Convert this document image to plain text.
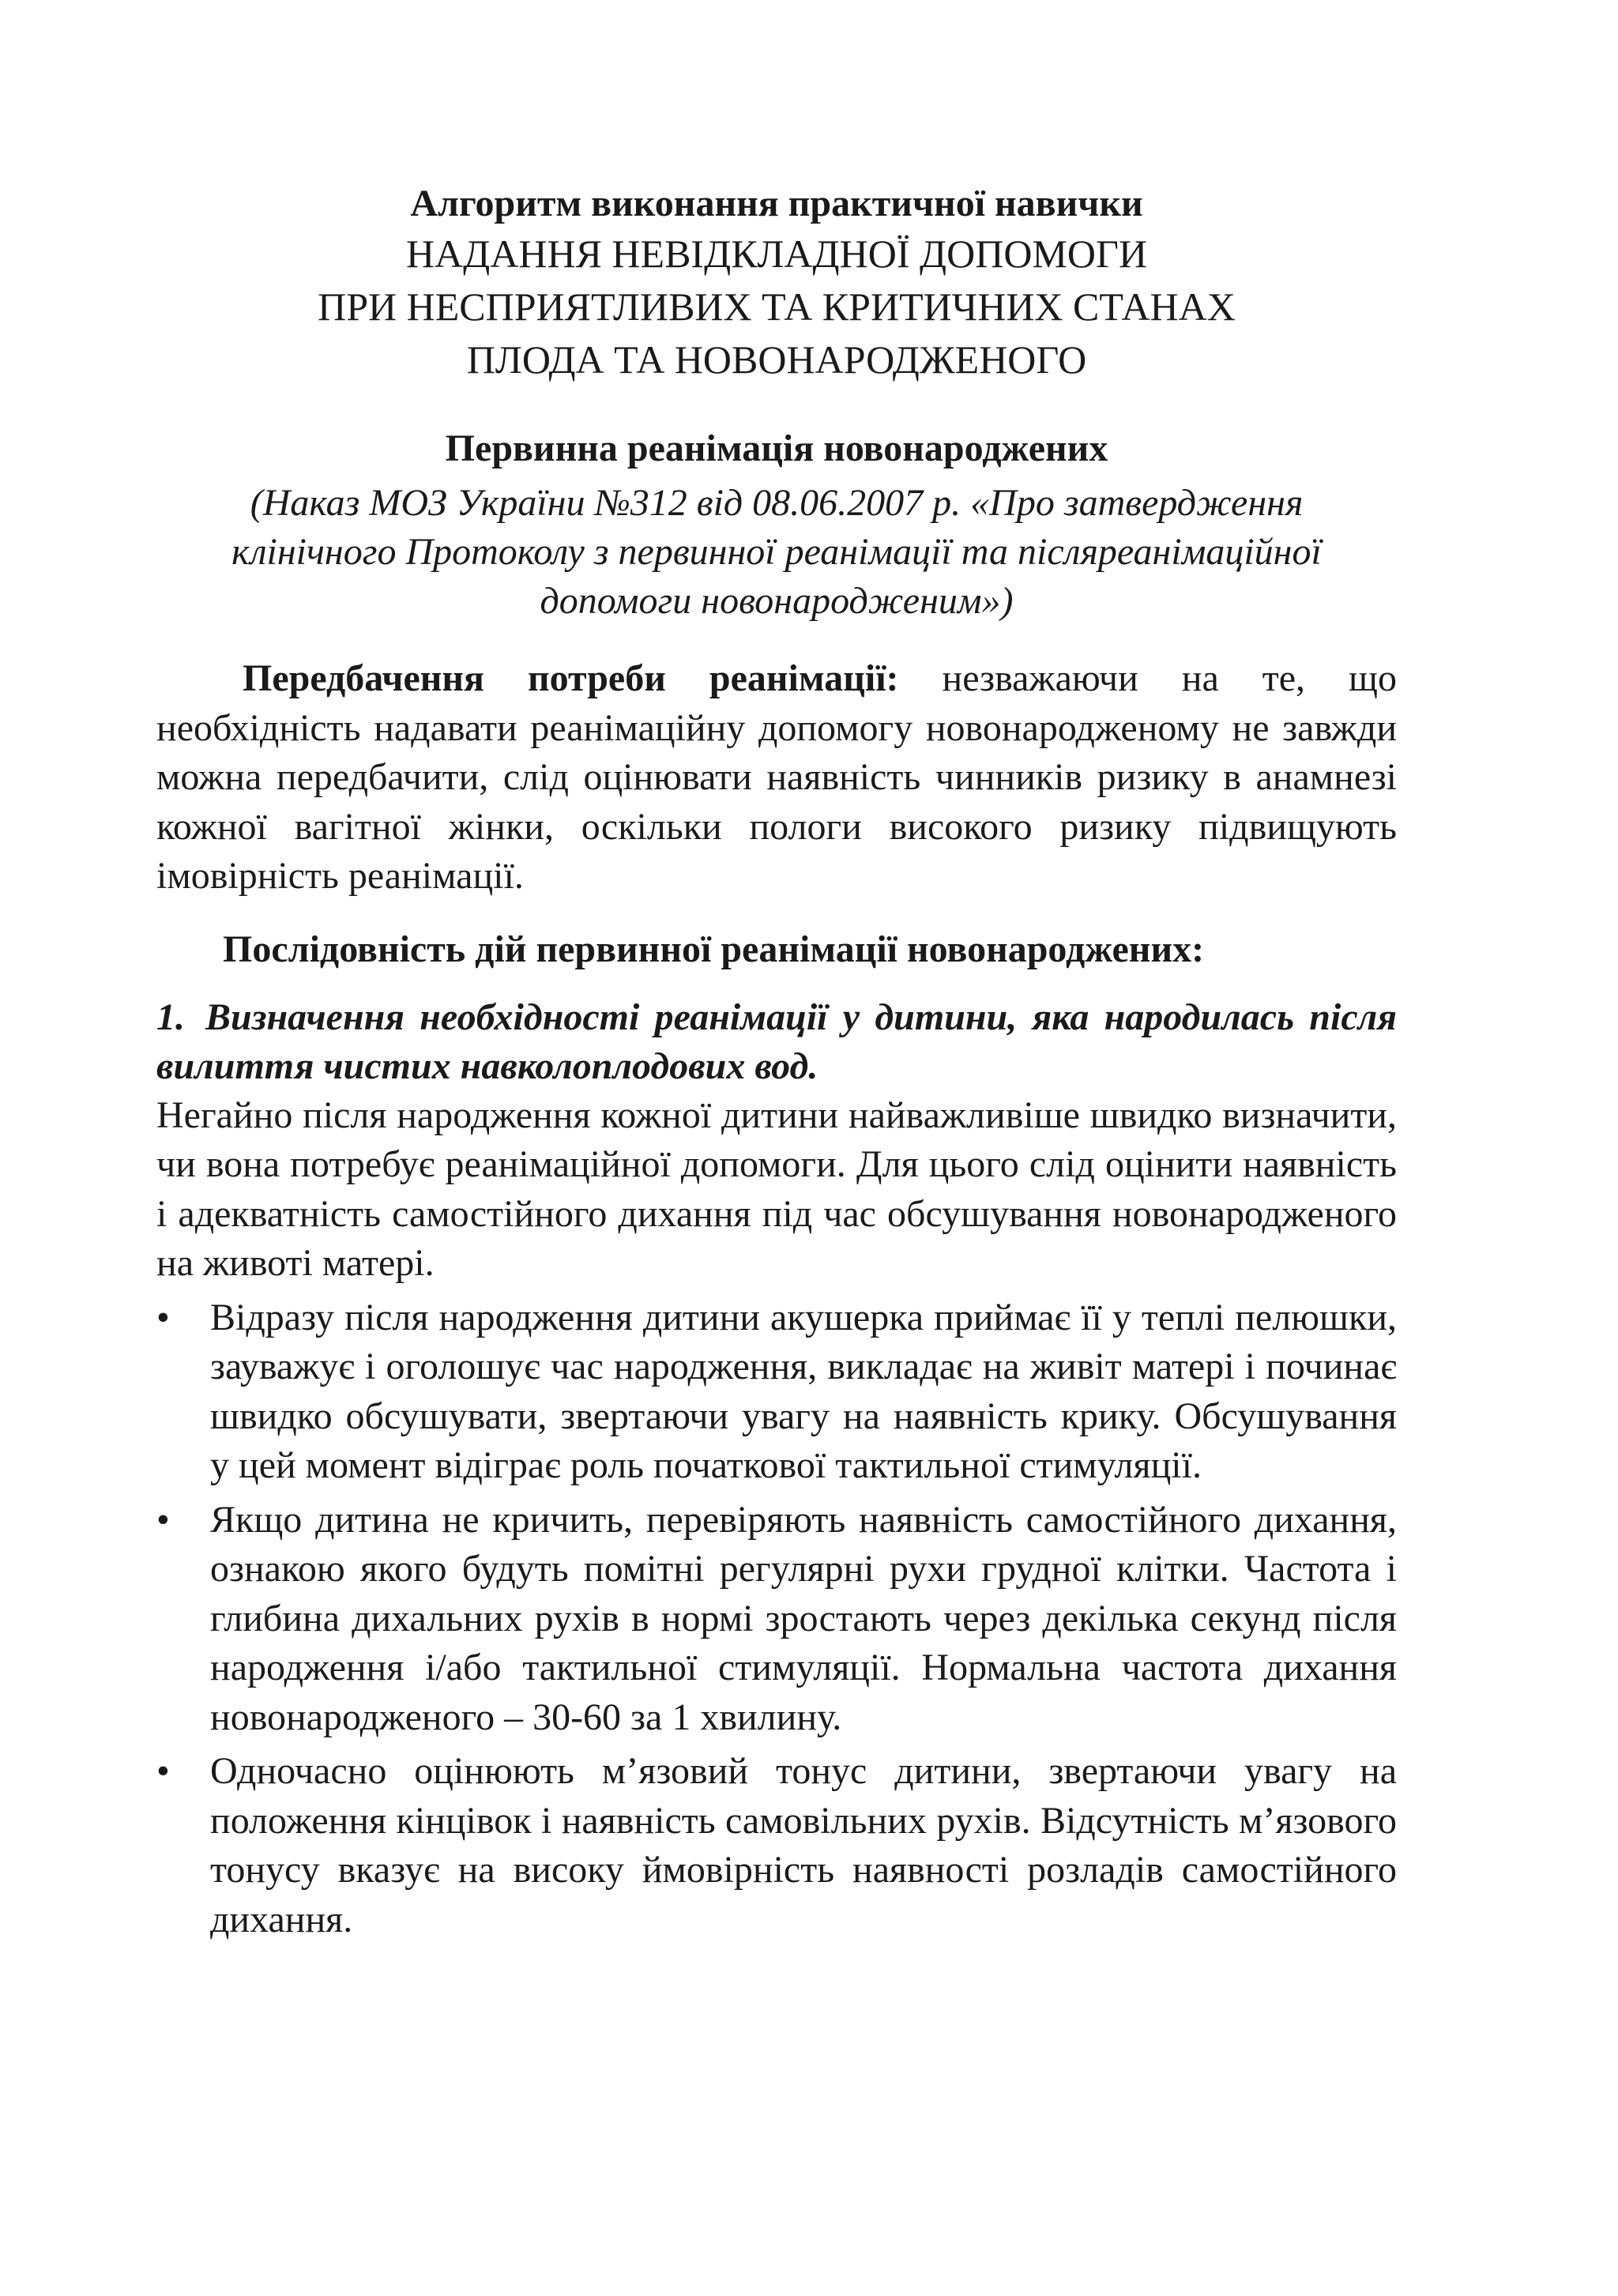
Алгоритм виконання практичної навички
НАДАННЯ НЕВІДКЛАДНОЇ ДОПОМОГИ
ПРИ НЕСПРИЯТЛИВИХ ТА КРИТИЧНИХ СТАНАХ
ПЛОДА ТА НОВОНАРОДЖЕНОГО
Первинна реанімація новонароджених
(Наказ МОЗ України №312 від 08.06.2007 р. «Про затвердження
клінічного Протоколу з первинної реанімації та післяреанімаційної
допомоги новонародженим»)

Передбачення потреби реанімації: незважаючи на те, що необхідність надавати реанімаційну допомогу новонародженому не завжди можна передбачити, слід оцінювати наявність чинників ризику в анамнезі кожної вагітної жінки, оскільки пологи високого ризику підвищують імовірність реанімації.

Послідовність дій первинної реанімації новонароджених:

1. Визначення необхідності реанімації у дитини, яка народилась після вилиття чистих навколоплодових вод.

Негайно після народження кожної дитини найважливіше швидко визначити, чи вона потребує реанімаційної допомоги. Для цього слід оцінити наявність і адекватність самостійного дихання під час обсушування новонародженого на животі матері.

•	Відразу після народження дитини акушерка приймає її у теплі пелюшки, зауважує і оголошує час народження, викладає на живіт матері і починає швидко обсушувати, звертаючи увагу на наявність крику. Обсушування у цей момент відіграє роль початкової тактильної стимуляції.
•	Якщо дитина не кричить, перевіряють наявність самостійного дихання, ознакою якого будуть помітні регулярні рухи грудної клітки. Частота і глибина дихальних рухів в нормі зростають через декілька секунд після народження і/або тактильної стимуляції. Нормальна частота дихання новонародженого – 30-60 за 1 хвилину.
•	Одночасно оцінюють м’язовий тонус дитини, звертаючи увагу на положення кінцівок і наявність самовільних рухів. Відсутність м’язового тонусу вказує на високу ймовірність наявності розладів самостійного дихання.
